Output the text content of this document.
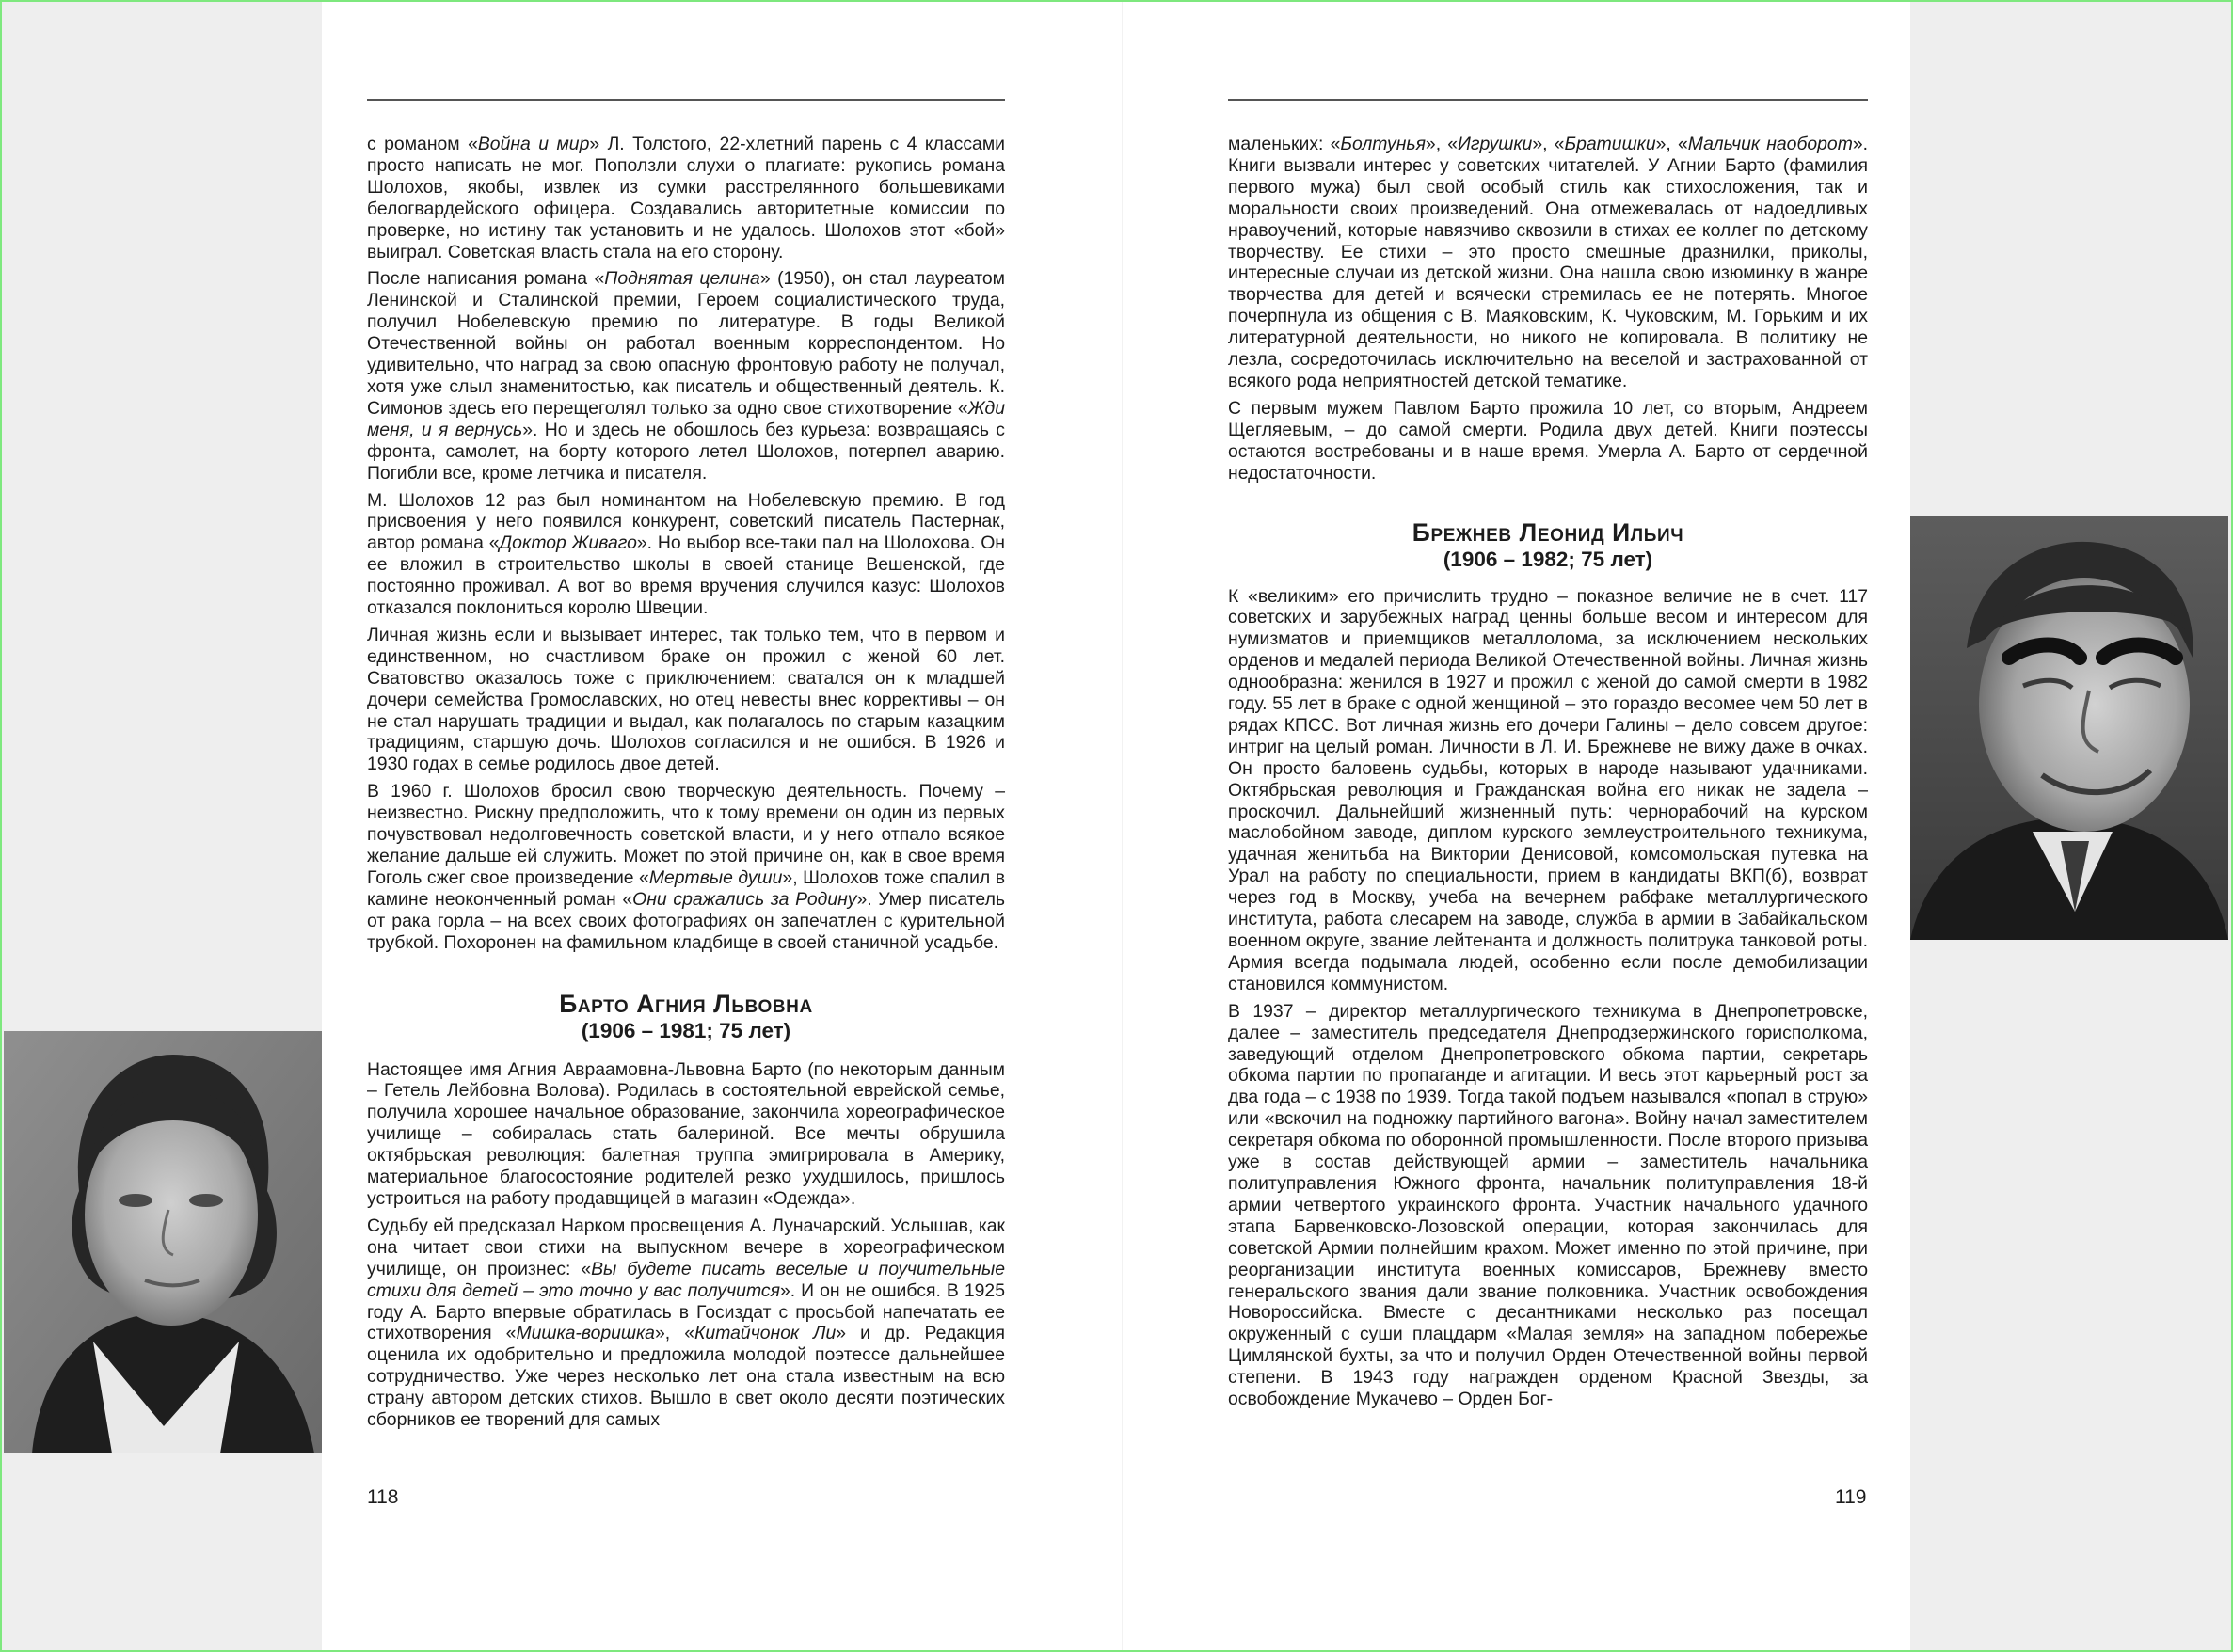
с романом «Война и мир» Л. Толстого, 22-хлетний парень с 4 классами просто написать не мог. Поползли слухи о плагиате: рукопись романа Шолохов, якобы, извлек из сумки расстрелянного большевиками белогвардейского офицера. Создавались авторитетные комиссии по проверке, но истину так установить и не удалось. Шолохов этот «бой» выиграл. Советская власть стала на его сторону.

После написания романа «Поднятая целина» (1950), он стал лауреатом Ленинской и Сталинской премии, Героем социалистического труда, получил Нобелевскую премию по литературе. В годы Великой Отечественной войны он работал военным корреспондентом. Но удивительно, что наград за свою опасную фронтовую работу не получал, хотя уже слыл знаменитостью, как писатель и общественный деятель. К. Симонов здесь его перещеголял только за одно свое стихотворение «Жди меня, и я вернусь». Но и здесь не обошлось без курьеза: возвращаясь с фронта, самолет, на борту которого летел Шолохов, потерпел аварию. Погибли все, кроме летчика и писателя.

М. Шолохов 12 раз был номинантом на Нобелевскую премию. В год присвоения у него появился конкурент, советский писатель Пастернак, автор романа «Доктор Живаго». Но выбор все-таки пал на Шолохова. Он ее вложил в строительство школы в своей станице Вешенской, где постоянно проживал. А вот во время вручения случился казус: Шолохов отказался поклониться королю Швеции.

Личная жизнь если и вызывает интерес, так только тем, что в первом и единственном, но счастливом браке он прожил с женой 60 лет. Сватовство оказалось тоже с приключением: сватался он к младшей дочери семейства Громославских, но отец невесты внес коррективы – он не стал нарушать традиции и выдал, как полагалось по старым казацким традициям, старшую дочь. Шолохов согласился и не ошибся. В 1926 и 1930 годах в семье родилось двое детей.

В 1960 г. Шолохов бросил свою творческую деятельность. Почему – неизвестно. Рискну предположить, что к тому времени он один из первых почувствовал недолговечность советской власти, и у него отпало всякое желание дальше ей служить. Может по этой причине он, как в свое время Гоголь сжег свое произведение «Мертвые души», Шолохов тоже спалил в камине неоконченный роман «Они сражались за Родину». Умер писатель от рака горла – на всех своих фотографиях он запечатлен с курительной трубкой. Похоронен на фамильном кладбище в своей станичной усадьбе.

Барто Агния Львовна
(1906 – 1981; 75 лет)

Настоящее имя Агния Авраамовна-Львовна Барто (по некоторым данным – Гетель Лейбовна Волова). Родилась в состоятельной еврейской семье, получила хорошее начальное образование, закончила хореографическое училище – собиралась стать балериной. Все мечты обрушила октябрьская революция: балетная труппа эмигрировала в Америку, материальное благосостояние родителей резко ухудшилось, пришлось устроиться на работу продавщицей в магазин «Одежда».

Судьбу ей предсказал Нарком просвещения А. Луначарский. Услышав, как она читает свои стихи на выпускном вечере в хореографическом училище, он произнес: «Вы будете писать веселые и поучительные стихи для детей – это точно у вас получится». И он не ошибся. В 1925 году А. Барто впервые обратилась в Госиздат с просьбой напечатать ее стихотворения «Мишка-воришка», «Китайчонок Ли» и др. Редакция оценила их одобрительно и предложила молодой поэтессе дальнейшее сотрудничество. Уже через несколько лет она стала известным на всю страну автором детских стихов. Вышло в свет около десяти поэтических сборников ее творений для самых

118

маленьких: «Болтунья», «Игрушки», «Братишки», «Мальчик наоборот». Книги вызвали интерес у советских читателей. У Агнии Барто (фамилия первого мужа) был свой особый стиль как стихосложения, так и моральности своих произведений. Она отмежевалась от надоедливых нравоучений, которые навязчиво сквозили в стихах ее коллег по детскому творчеству. Ее стихи – это просто смешные дразнилки, приколы, интересные случаи из детской жизни. Она нашла свою изюминку в жанре творчества для детей и всячески стремилась ее не потерять. Многое почерпнула из общения с В. Маяковским, К. Чуковским, М. Горьким и их литературной деятельности, но никого не копировала. В политику не лезла, сосредоточилась исключительно на веселой и застрахованной от всякого рода неприятностей детской тематике.

С первым мужем Павлом Барто прожила 10 лет, со вторым, Андреем Щегляевым, – до самой смерти. Родила двух детей. Книги поэтессы остаются востребованы и в наше время. Умерла А. Барто от сердечной недостаточности.

Брежнев Леонид Ильич
(1906 – 1982; 75 лет)

К «великим» его причислить трудно – показное величие не в счет. 117 советских и зарубежных наград ценны больше весом и интересом для нумизматов и приемщиков металлолома, за исключением нескольких орденов и медалей периода Великой Отечественной войны. Личная жизнь однообразна: женился в 1927 и прожил с женой до самой смерти в 1982 году. 55 лет в браке с одной женщиной – это гораздо весомее чем 50 лет в рядах КПСС. Вот личная жизнь его дочери Галины – дело совсем другое: интриг на целый роман. Личности в Л. И. Брежневе не вижу даже в очках. Он просто баловень судьбы, которых в народе называют удачниками. Октябрьская революция и Гражданская война его никак не задела – проскочил. Дальнейший жизненный путь: чернорабочий на курском маслобойном заводе, диплом курского землеустроительного техникума, удачная женитьба на Виктории Денисовой, комсомольская путевка на Урал на работу по специальности, прием в кандидаты ВКП(б), возврат через год в Москву, учеба на вечернем рабфаке металлургического института, работа слесарем на заводе, служба в армии в Забайкальском военном округе, звание лейтенанта и должность политрука танковой роты. Армия всегда подымала людей, особенно если после демобилизации становился коммунистом.

В 1937 – директор металлургического техникума в Днепропетровске, далее – заместитель председателя Днепродзержинского горисполкома, заведующий отделом Днепропетровского обкома партии, секретарь обкома партии по пропаганде и агитации. И весь этот карьерный рост за два года – с 1938 по 1939. Тогда такой подъем назывался «попал в струю» или «вскочил на подножку партийного вагона». Войну начал заместителем секретаря обкома по оборонной промышленности. После второго призыва уже в состав действующей армии – заместитель начальника политуправления Южного фронта, начальник политуправления 18-й армии четвертого украинского фронта. Участник начального удачного этапа Барвенковско-Лозовской операции, которая закончилась для советской Армии полнейшим крахом. Может именно по этой причине, при реорганизации института военных комиссаров, Брежневу вместо генеральского звания дали звание полковника. Участник освобождения Новороссийска. Вместе с десантниками несколько раз посещал окруженный с суши плацдарм «Малая земля» на западном побережье Цимлянской бухты, за что и получил Орден Отечественной войны первой степени. В 1943 году награжден орденом Красной Звезды, за освобождение Мукачево – Орден Бог-

119
